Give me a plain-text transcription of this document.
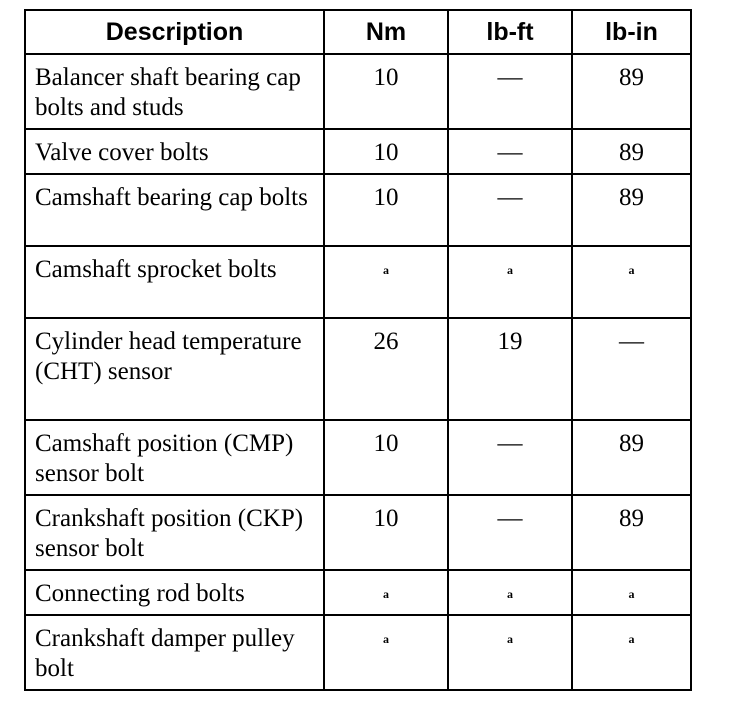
Description	Nm	lb-ft	lb-in
Balancer shaft bearing cap bolts and studs	10	—	89
Valve cover bolts	10	—	89
Camshaft bearing cap bolts	10	—	89
Camshaft sprocket bolts	a	a	a
Cylinder head temperature (CHT) sensor	26	19	—
Camshaft position (CMP) sensor bolt	10	—	89
Crankshaft position (CKP) sensor bolt	10	—	89
Connecting rod bolts	a	a	a
Crankshaft damper pulley bolt	a	a	a
